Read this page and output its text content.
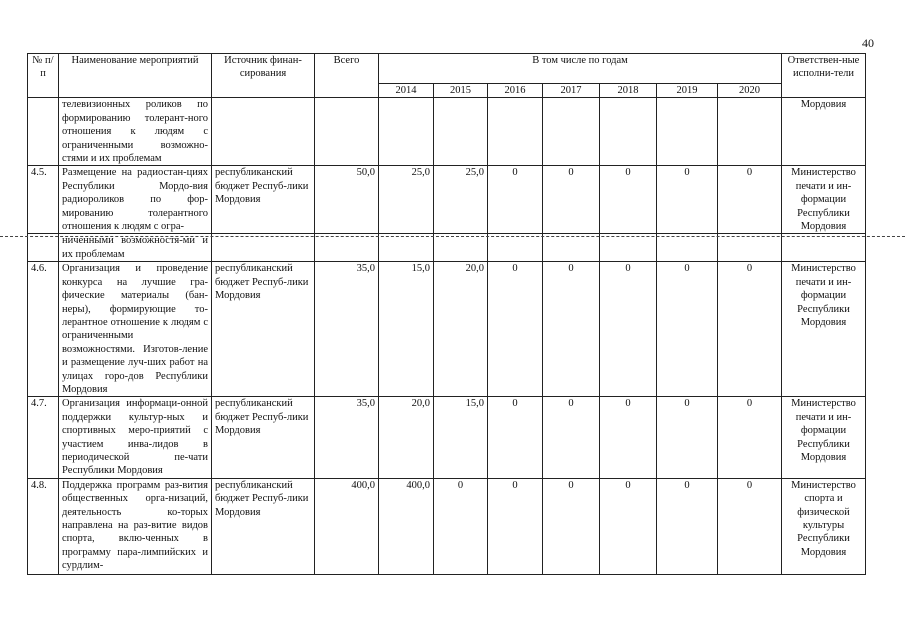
40
№ п/п	Наименование мероприятий	Источник финан-сирования	Всего	В том числе по годам							Ответствен-ные исполни-тели
				2014	2015	2016	2017	2018	2019	2020	
	телевизионных роликов по формированию толерант-ного отношения к людям с ограниченными возможно-стями и их проблемам										Мордовия
4.5.	Размещение на радиостан-циях Республики Мордо-вия радиороликов по фор-мированию толерантного отношения к людям с огра-	республиканский бюджет Респуб-лики Мордовия	50,0	25,0	25,0	0	0	0	0	0	Министерство печати и ин-формации Республики Мордовия
	ниченными возможностя-ми и их проблемам										
4.6.	Организация и проведение конкурса на лучшие гра-фические материалы (бан-неры), формирующие то-лерантное отношение к людям с ограниченными возможностями. Изготов-ление и размещение луч-ших работ на улицах горо-дов Республики Мордовия	республиканский бюджет Респуб-лики Мордовия	35,0	15,0	20,0	0	0	0	0	0	Министерство печати и ин-формации Республики Мордовия
4.7.	Организация информаци-онной поддержки культур-ных и спортивных меро-приятий с участием инва-лидов в периодической пе-чати Республики Мордовия	республиканский бюджет Респуб-лики Мордовия	35,0	20,0	15,0	0	0	0	0	0	Министерство печати и ин-формации Республики Мордовия
4.8.	Поддержка программ раз-вития общественных орга-низаций, деятельность ко-торых направлена на раз-витие видов спорта, вклю-ченных в программу пара-лимпийских и сурдлим-	республиканский бюджет Респуб-лики Мордовия	400,0	400,0	0	0	0	0	0	0	Министерство спорта и физической культуры Республики Мордовия
